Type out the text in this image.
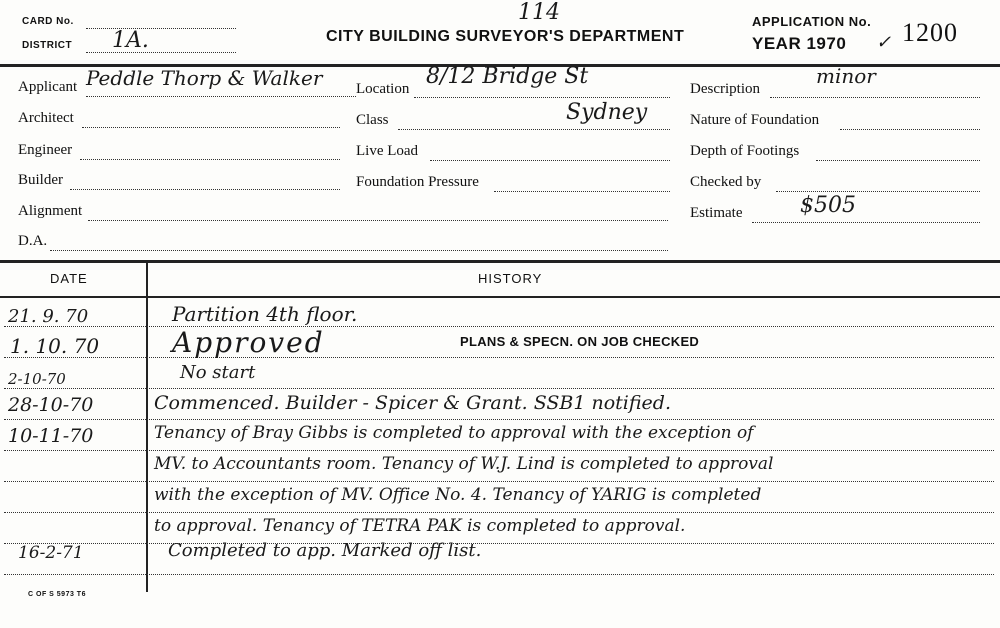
CARD No.
DISTRICT 1A.
114
CITY BUILDING SURVEYOR'S DEPARTMENT
APPLICATION No.
YEAR 1970 ✓ 1200
Applicant Peddle Thorp & Walker
Architect
Engineer
Builder
Alignment
D.A.
Location 8/12 Bridge St
Class	Sydney
Live Load
Foundation Pressure
Description
minor
Nature of Foundation
Depth of Footings
Checked by
Estimate	$505
DATE	HISTORY
21. 9. 70	Partition 4th floor.
1. 10. 70	Approved	PLANS & SPECN. ON JOB CHECKED
2-10-70	No start
28-10-70	Commenced. Builder - Spicer & Grant. SSB1 notified.
10-11-70	Tenancy of Bray Gibbs is completed to approval with the exception of
MV. to Accountants room. Tenancy of W.J. Lind is completed to approval
with the exception of MV. Office No. 4. Tenancy of YARIG is completed
to approval. Tenancy of TETRA PAK is completed to approval.
16-2-71	Completed to app. Marked off list.
C OF S 5973 T6
